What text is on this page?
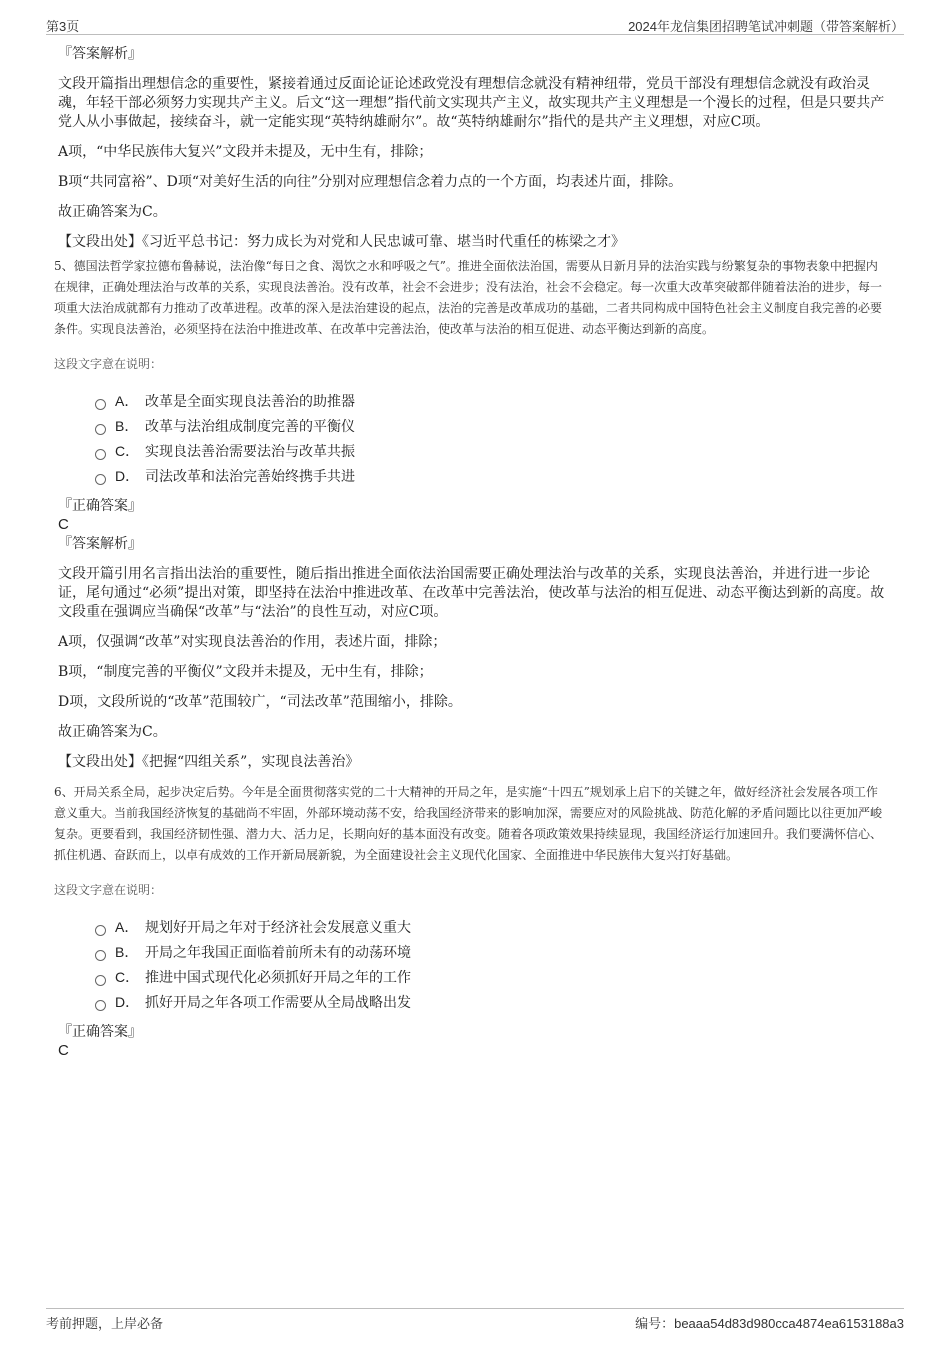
第3页	2024年龙信集团招聘笔试冲刺题（带答案解析）

『答案解析』

文段开篇指出理想信念的重要性，紧接着通过反面论证论述政党没有理想信念就没有精神纽带，党员干部没有理想信念就没有政治灵魂，年轻干部必须努力实现共产主义。后文“这一理想”指代前文实现共产主义，故实现共产主义理想是一个漫长的过程，但是只要共产党人从小事做起，接续奋斗，就一定能实现“英特纳雄耐尔”。故“英特纳雄耐尔”指代的是共产主义理想，对应C项。

A项，“中华民族伟大复兴”文段并未提及，无中生有，排除；

B项“共同富裕”、D项“对美好生活的向往”分别对应理想信念着力点的一个方面，均表述片面，排除。

故正确答案为C。

【文段出处】《习近平总书记：努力成长为对党和人民忠诚可靠、堪当时代重任的栋梁之才》

5、德国法哲学家拉德布鲁赫说，法治像“每日之食、渴饮之水和呼吸之气”。推进全面依法治国，需要从日新月异的法治实践与纷繁复杂的事物表象中把握内在规律，正确处理法治与改革的关系，实现良法善治。没有改革，社会不会进步；没有法治，社会不会稳定。每一次重大改革突破都伴随着法治的进步，每一项重大法治成就都有力推动了改革进程。改革的深入是法治建设的起点，法治的完善是改革成功的基础，二者共同构成中国特色社会主义制度自我完善的必要条件。实现良法善治，必须坚持在法治中推进改革、在改革中完善法治，使改革与法治的相互促进、动态平衡达到新的高度。

这段文字意在说明：

A． 改革是全面实现良法善治的助推器
B． 改革与法治组成制度完善的平衡仪
C． 实现良法善治需要法治与改革共振
D． 司法改革和法治完善始终携手共进

『正确答案』

C

『答案解析』

文段开篇引用名言指出法治的重要性，随后指出推进全面依法治国需要正确处理法治与改革的关系，实现良法善治，并进行进一步论证，尾句通过“必须”提出对策，即坚持在法治中推进改革、在改革中完善法治，使改革与法治的相互促进、动态平衡达到新的高度。故文段重在强调应当确保“改革”与“法治”的良性互动，对应C项。

A项，仅强调“改革”对实现良法善治的作用，表述片面，排除；

B项，“制度完善的平衡仪”文段并未提及，无中生有，排除；

D项，文段所说的“改革”范围较广，“司法改革”范围缩小，排除。

故正确答案为C。

【文段出处】《把握“四组关系”，实现良法善治》

6、开局关系全局，起步决定后势。今年是全面贯彻落实党的二十大精神的开局之年，是实施“十四五”规划承上启下的关键之年，做好经济社会发展各项工作意义重大。当前我国经济恢复的基础尚不牢固，外部环境动荡不安，给我国经济带来的影响加深，需要应对的风险挑战、防范化解的矛盾问题比以往更加严峻复杂。更要看到，我国经济韧性强、潜力大、活力足，长期向好的基本面没有改变。随着各项政策效果持续显现，我国经济运行加速回升。我们要满怀信心、抓住机遇、奋跃而上，以卓有成效的工作开新局展新貌，为全面建设社会主义现代化国家、全面推进中华民族伟大复兴打好基础。

这段文字意在说明：

A． 规划好开局之年对于经济社会发展意义重大
B． 开局之年我国正面临着前所未有的动荡环境
C． 推进中国式现代化必须抓好开局之年的工作
D． 抓好开局之年各项工作需要从全局战略出发

『正确答案』

C

考前押题，上岸必备	编号：beaaa54d83d980cca4874ea6153188a3
